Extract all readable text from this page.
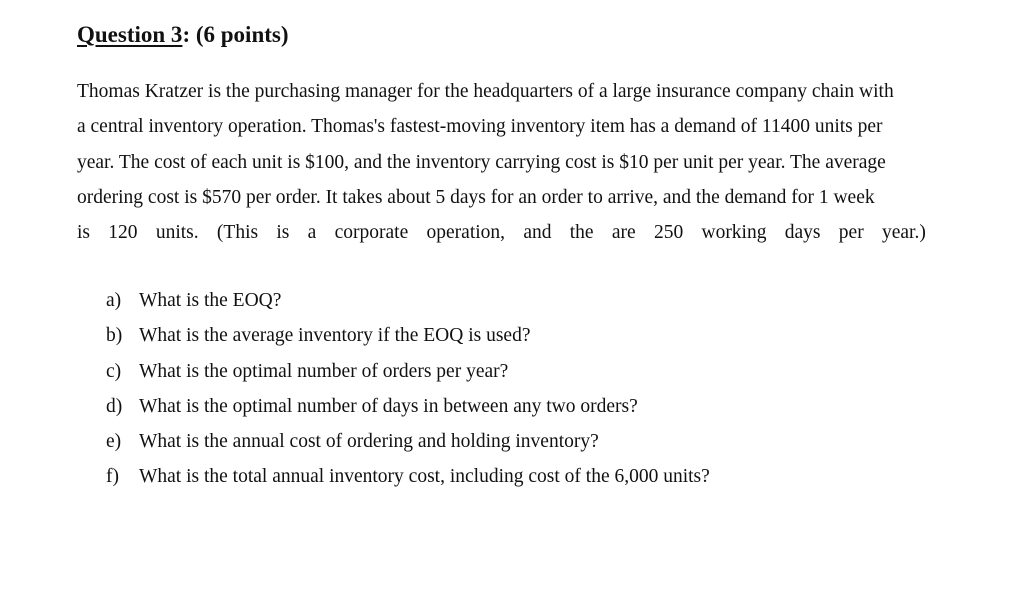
Question 3: (6 points)
Thomas Kratzer is the purchasing manager for the headquarters of a large insurance company chain with
a central inventory operation. Thomas's fastest-moving inventory item has a demand of 11400 units per
year. The cost of each unit is $100, and the inventory carrying cost is $10 per unit per year. The average
ordering cost is $570 per order. It takes about 5 days for an order to arrive, and the demand for 1 week
is 120 units. (This is a corporate operation, and the are 250 working days per year.)
a) What is the EOQ?
b) What is the average inventory if the EOQ is used?
c) What is the optimal number of orders per year?
d) What is the optimal number of days in between any two orders?
e) What is the annual cost of ordering and holding inventory?
f)	What is the total annual inventory cost, including cost of the 6,000 units?
